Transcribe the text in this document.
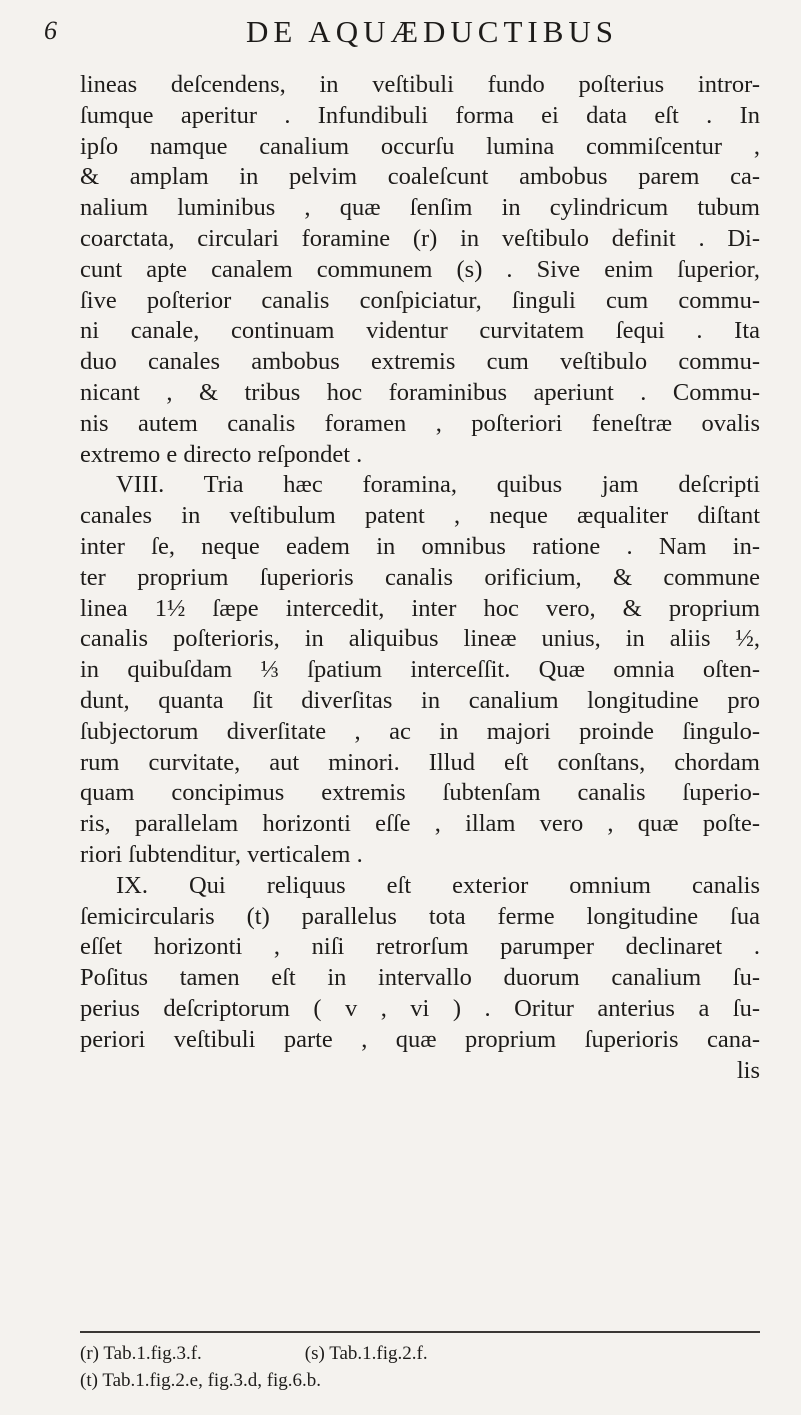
6	DE AQUÆDUCTIBUS
lineas deſcendens, in veſtibuli fundo poſterius intror-
ſumque aperitur . Infundibuli forma ei data eſt . In
ipſo namque canalium occurſu lumina commiſcentur ,
& amplam in pelvim coaleſcunt ambobus parem ca-
nalium luminibus , quæ ſenſim in cylindricum tubum
coarctata, circulari foramine (r) in veſtibulo definit . Di-
cunt apte canalem communem (s) . Sive enim ſuperior,
ſive poſterior canalis conſpiciatur, ſinguli cum commu-
ni canale, continuam videntur curvitatem ſequi . Ita
duo canales ambobus extremis cum veſtibulo commu-
nicant , & tribus hoc foraminibus aperiunt . Commu-
nis autem canalis foramen , poſteriori feneſtræ ovalis
extremo e directo reſpondet .
VIII. Tria hæc foramina, quibus jam deſcripti
canales in veſtibulum patent , neque æqualiter diſtant
inter ſe, neque eadem in omnibus ratione . Nam in-
ter proprium ſuperioris canalis orificium, & commune
linea 1½ ſæpe intercedit, inter hoc vero, & proprium
canalis poſterioris, in aliquibus lineæ unius, in aliis ½,
in quibuſdam ⅓ ſpatium interceſſit. Quæ omnia oſten-
dunt, quanta ſit diverſitas in canalium longitudine pro
ſubjectorum diverſitate , ac in majori proinde ſingulo-
rum curvitate, aut minori. Illud eſt conſtans, chordam
quam concipimus extremis ſubtenſam canalis ſuperio-
ris, parallelam horizonti eſſe , illam vero , quæ poſte-
riori ſubtenditur, verticalem .
IX. Qui reliquus eſt exterior omnium canalis
ſemicircularis (t) parallelus tota ferme longitudine ſua
eſſet horizonti , niſi retrorſum parumper declinaret .
Poſitus tamen eſt in intervallo duorum canalium ſu-
perius deſcriptorum ( v , vi ) . Oritur anterius a ſu-
periori veſtibuli parte , quæ proprium ſuperioris cana-
lis
(r) Tab.1.fig.3.f.	(s) Tab.1.fig.2.f.
(t) Tab.1.fig.2.e, fig.3.d, fig.6.b.
